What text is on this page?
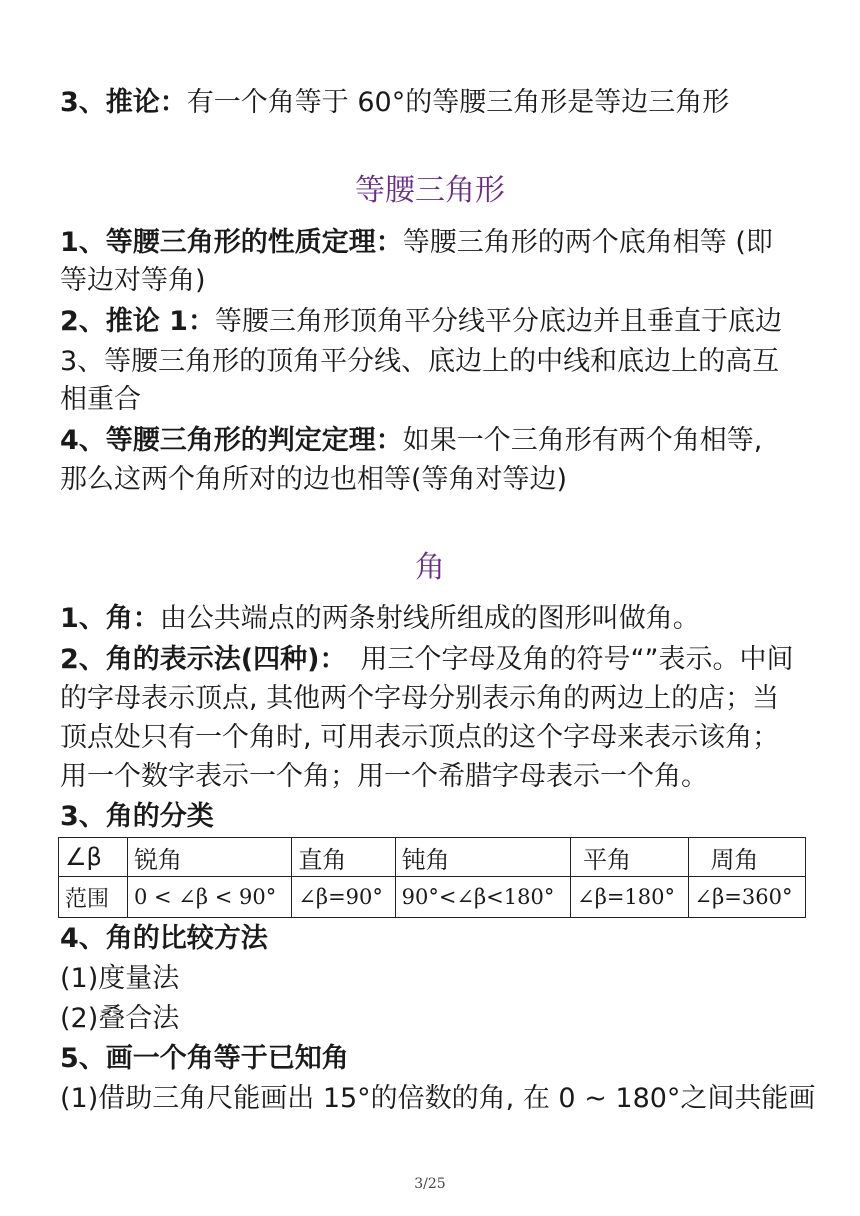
3、推论：有一个角等于 60°的等腰三角形是等边三角形
等腰三角形
1、等腰三角形的性质定理：等腰三角形的两个底角相等 (即
等边对等角)
2、推论 1：等腰三角形顶角平分线平分底边并且垂直于底边
3、等腰三角形的顶角平分线、底边上的中线和底边上的高互
相重合
4、等腰三角形的判定定理：如果一个三角形有两个角相等,
那么这两个角所对的边也相等(等角对等边)
角
1、角：由公共端点的两条射线所组成的图形叫做角。
2、角的表示法(四种)： 用三个字母及角的符号“”表示。中间
的字母表示顶点, 其他两个字母分别表示角的两边上的店；当
顶点处只有一个角时, 可用表示顶点的这个字母来表示该角；
用一个数字表示一个角；用一个希腊字母表示一个角。
3、角的分类
∠β	锐角	直角	钝角	平角	周角
范围	0 < ∠β < 90°	∠β=90°	90°<∠β<180°	∠β=180°	∠β=360°
4、角的比较方法
(1)度量法
(2)叠合法
5、画一个角等于已知角
(1)借助三角尺能画出 15°的倍数的角, 在 0 ~ 180°之间共能画
3/25
